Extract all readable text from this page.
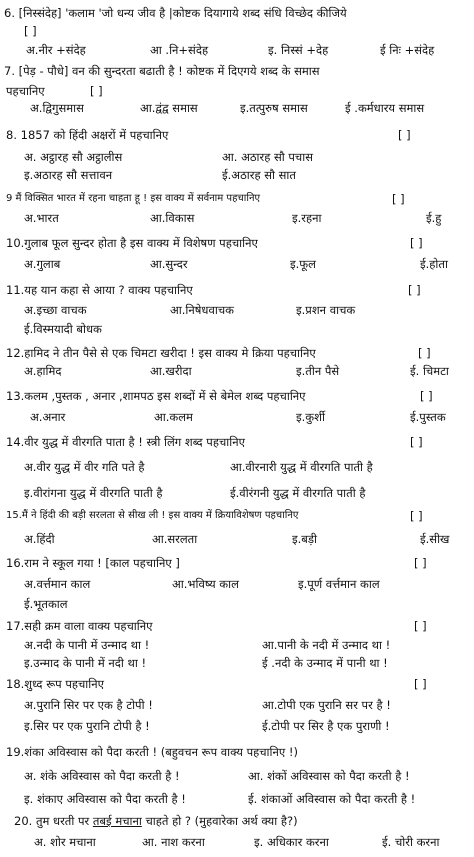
6. [निस्संदेह] 'कलाम 'जो धन्य जीव है |कोष्टक दियागाये शब्द संधि विच्छेद कीजिये
[ ]
अ.नीर +संदेह	आ .नि+संदेह	इ. निस्सं +देह	ई निः +संदेह
7. [पेड़ - पौधे] वन की सुन्दरता बढाती है ! कोष्टक में दिएगये शब्द के समास
पहचानिए	[ ]
अ.द्विगुसमास	आ.द्वंद्व समास	इ.तत्पुरुष समास	ई .कर्मधारय समास
8. 1857 को हिंदी अक्षरों में पहचानिए	[ ]
अ. अट्ठारह सौ अट्ठालीस	आ. अठारह सौ पचास
इ.अठारह सौ सत्तावन	ई.अठारह सौ सात
9 मैं विक्सित भारत में रहना चाहता हू ! इस वाक्य में सर्वनाम पहचानिए	[ ]
अ.भारत	आ.विकास	इ.रहना	ई.हु
10.गुलाब फूल सुन्दर होता है इस वाक्य में विशेषण पहचानिए	[ ]
अ.गुलाब	आ.सुन्दर	इ.फूल	ई.होता
11.यह यान कहा से आया ? वाक्य पहचानिए	[ ]
अ.इच्छा वाचक	आ.निषेधवाचक	इ.प्रशन वाचक
ई.विस्मयादी बोधक
12.हामिद ने तीन पैसे से एक चिमटा खरीदा ! इस वाक्य मे क्रिया पहचानिए	[ ]
अ.हामिद	आ.खरीदा	इ.तीन पैसे	ई. चिमटा
13.कलम ,पुस्तक , अनार ,शामपठ इस शब्दों में से बेमेल शब्द पहचानिए	[ ]
अ.अनार	आ.कलम	इ.कुर्शी	ई.पुस्तक
14.वीर युद्ध में वीरगति पाता है ! स्त्री लिंग शब्द पहचानिए	[ ]
अ.वीर युद्ध में वीर गति पते है	आ.वीरनारी युद्ध में वीरगति पाती है
इ.वीरांगना युद्ध में वीरगति पाती है	ई.वीरंगनी युद्ध में वीरगति पाती है
15.मैं ने हिंदी की बड़ी सरलता से सीख ली ! इस वाक्य में क्रियाविशेषण पहचानिए	[ ]
अ.हिंदी	आ.सरलता	इ.बड़ी	ई.सीख
16.राम ने स्कूल गया ! [काल पहचानिए ]	[ ]
अ.वर्त्तमान काल	आ.भविष्य काल	इ.पूर्ण वर्त्तमान काल
ई.भूतकाल
17.सही क्रम वाला वाक्य पहचानिए	[ ]
अ.नदी के पानी में उन्माद था !	आ.पानी के नदी में उन्माद था !
इ.उन्माद के पानी में नदी था !	ई .नदी के उन्माद में पानी था !
18.शुध्द रूप पहचानिए	[ ]
अ.पुरानि सिर पर एक है टोपी !	आ.टोपी एक पुरानि सर पर है !
इ.सिर पर एक पुरानि टोपी है !	ई.टोपी पर सिर है एक पुराणी !
19.शंका अविस्वास को पैदा करती ! (बहुवचन रूप वाक्य पहचानिए !)
अ. शंके अविस्वास को पैदा करती है !	आ. शंकों अविस्वास को पैदा करती है !
इ. शंकाए अविस्वास को पैदा करती है !	ई. शंकाओं अविस्वास को पैदा करती है !
20. तुम धरती पर तबई मचाना चाहते हो ? (मुहवारेका अर्थ क्या है?)
अ. शोर मचाना	आ. नाश करना	इ. अधिकार करना	ई. चोरी करना
